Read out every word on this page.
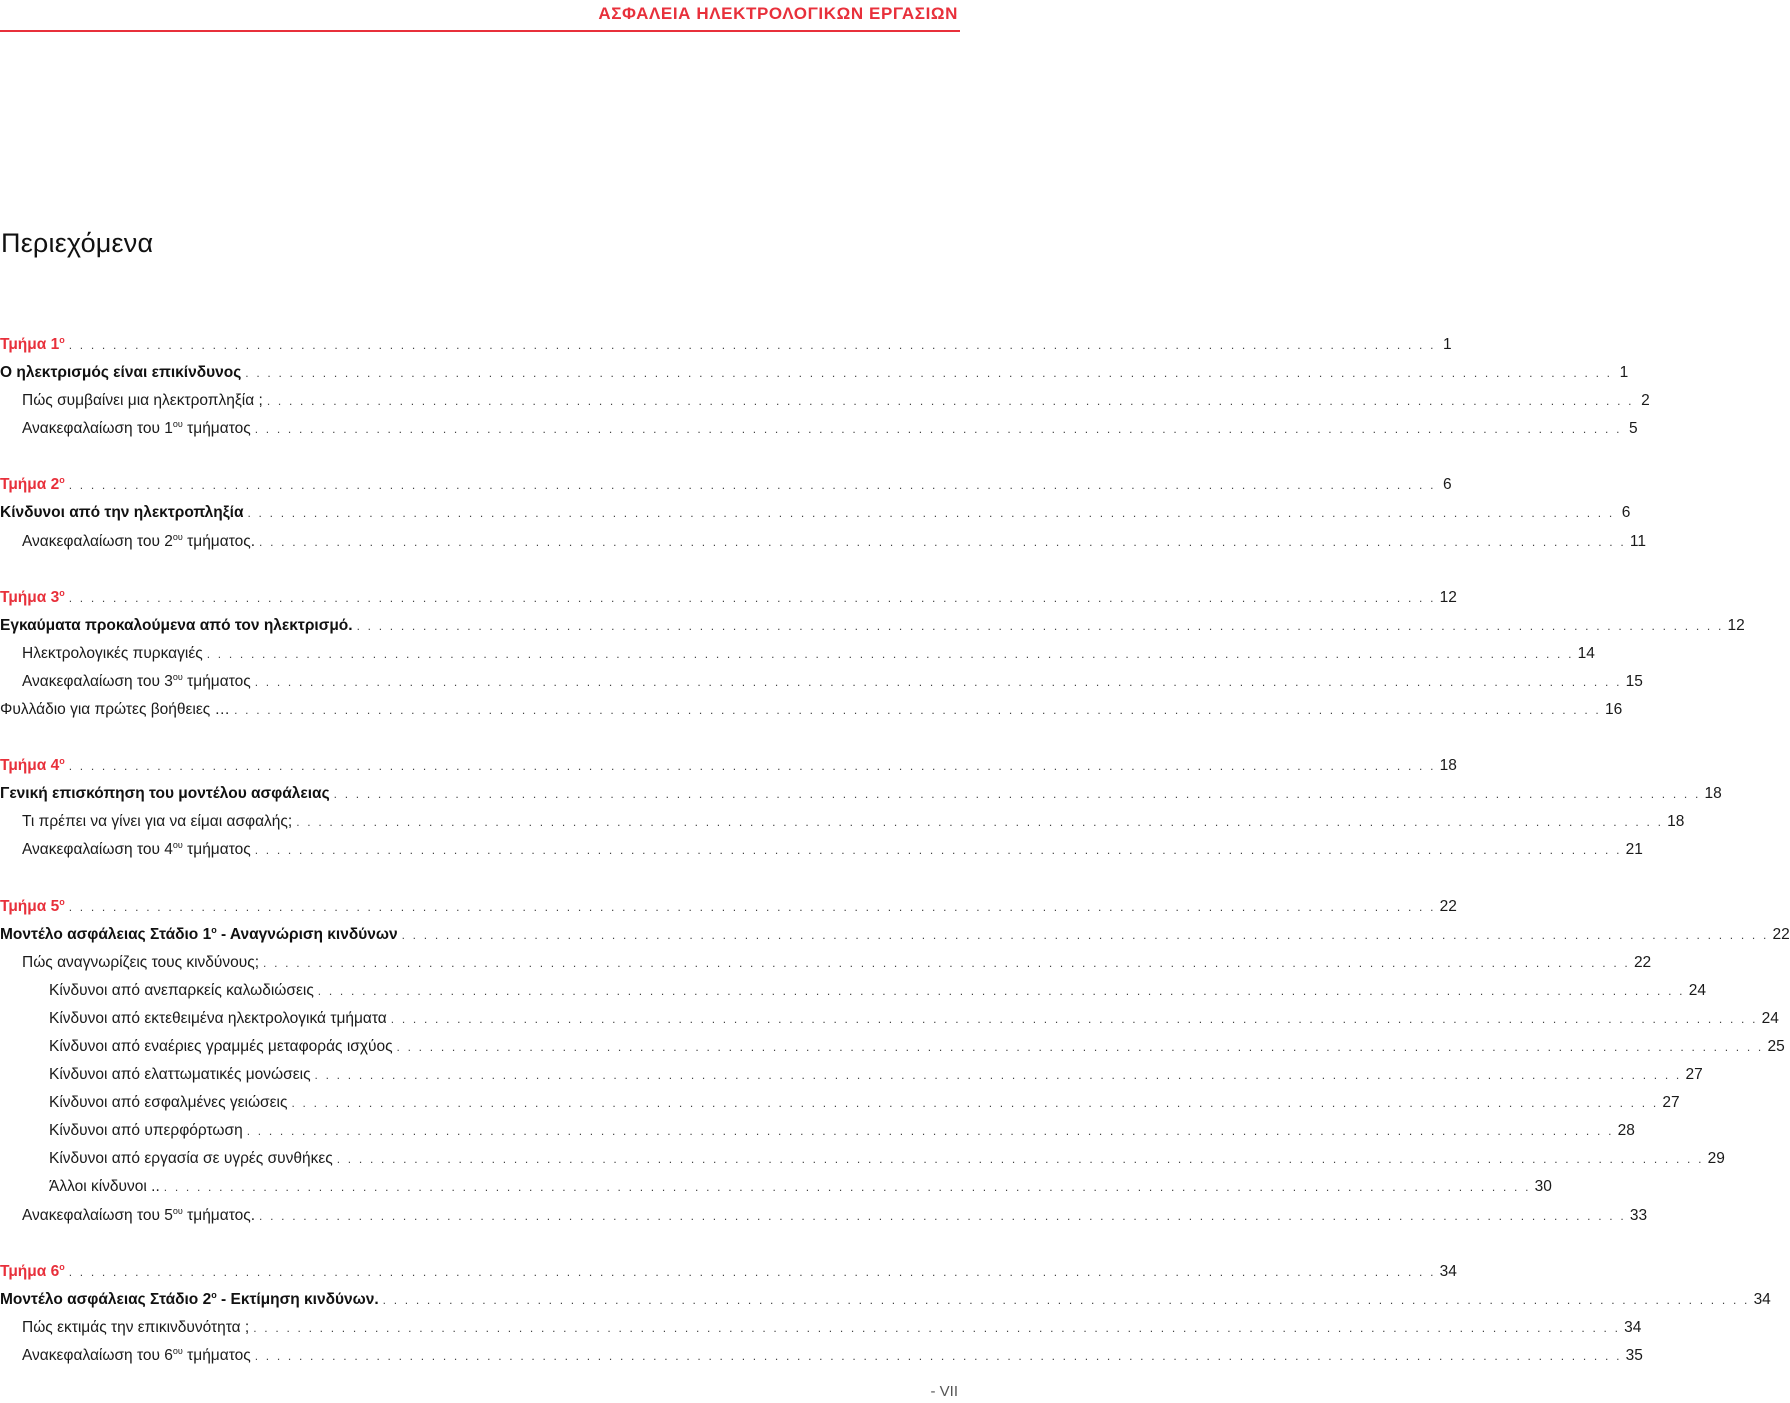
ΑΣΦΑΛΕΙΑ ΗΛΕΚΤΡΟΛΟΓΙΚΩΝ ΕΡΓΑΣΙΩΝ
Περιεχόμενα
Τμήμα $1^o$ . . . . . . . . . . . . . . . . . . . . . . . . . . . . . . . . . . . . . . . . . . . . . . . . . . . . . . . . . . . . . . . . . . . . . . . . . . . . . . . . . . . . . . . . . . . . . . . . . . . . . . . . . . . . . . . . . . . . . . . . . . . . 1
Ο ηλεκτρισμός είναι επικίνδυνος . . . . . . . . . . . . . . . . . . . . . . . . . . . . . . . . . . . . . . . . . . . . . . . . . . . . . . . . . . . . . . . . . . . . . . . . . . . . . . . . . . . . . . . . . . . . . . . . . . . . . . . . . . . . . . . . . . . . . . . . . . . . 1
Πώς συμβαίνει μια ηλεκτροπληξία ; . . . . . . . . . . . . . . . . . . . . . . . . . . . . . . . . . . . . . . . . . . . . . . . . . . . . . . . . . . . . . . . . . . . . . . . . . . . . . . . . . . . . . . . . . . . . . . . . . . . . . . . . . . . . . . . . . . . . . . . . . . . . 2
Ανακεφαλαίωση του $1^{o\upsilon}$ τμήματος . . . . . . . . . . . . . . . . . . . . . . . . . . . . . . . . . . . . . . . . . . . . . . . . . . . . . . . . . . . . . . . . . . . . . . . . . . . . . . . . . . . . . . . . . . . . . . . . . . . . . . . . . . . . . . . . . . . . . . . . . . . . 5
Τμήμα $2^o$ . . . . . . . . . . . . . . . . . . . . . . . . . . . . . . . . . . . . . . . . . . . . . . . . . . . . . . . . . . . . . . . . . . . . . . . . . . . . . . . . . . . . . . . . . . . . . . . . . . . . . . . . . . . . . . . . . . . . . . . . . . . . 6
Κίνδυνοι από την ηλεκτροπληξία . . . . . . . . . . . . . . . . . . . . . . . . . . . . . . . . . . . . . . . . . . . . . . . . . . . . . . . . . . . . . . . . . . . . . . . . . . . . . . . . . . . . . . . . . . . . . . . . . . . . . . . . . . . . . . . . . . . . . . . . . . . . 6
Ανακεφαλαίωση του $2^{o\upsilon}$ τμήματος. . . . . . . . . . . . . . . . . . . . . . . . . . . . . . . . . . . . . . . . . . . . . . . . . . . . . . . . . . . . . . . . . . . . . . . . . . . . . . . . . . . . . . . . . . . . . . . . . . . . . . . . . . . . . . . . . . . . . . . . . . . . . 11
Τμήμα $3^o$ . . . . . . . . . . . . . . . . . . . . . . . . . . . . . . . . . . . . . . . . . . . . . . . . . . . . . . . . . . . . . . . . . . . . . . . . . . . . . . . . . . . . . . . . . . . . . . . . . . . . . . . . . . . . . . . . . . . . . . . . . . . . 12
Εγκαύματα προκαλούμενα από τον ηλεκτρισμό. . . . . . . . . . . . . . . . . . . . . . . . . . . . . . . . . . . . . . . . . . . . . . . . . . . . . . . . . . . . . . . . . . . . . . . . . . . . . . . . . . . . . . . . . . . . . . . . . . . . . . . . . . . . . . . . . . . . . . . . . . . . . 12
Ηλεκτρολογικές πυρκαγιές . . . . . . . . . . . . . . . . . . . . . . . . . . . . . . . . . . . . . . . . . . . . . . . . . . . . . . . . . . . . . . . . . . . . . . . . . . . . . . . . . . . . . . . . . . . . . . . . . . . . . . . . . . . . . . . . . . . . . . . . . . . . 14
Ανακεφαλαίωση του $3^{o\upsilon}$ τμήματος . . . . . . . . . . . . . . . . . . . . . . . . . . . . . . . . . . . . . . . . . . . . . . . . . . . . . . . . . . . . . . . . . . . . . . . . . . . . . . . . . . . . . . . . . . . . . . . . . . . . . . . . . . . . . . . . . . . . . . . . . . . . 15
Φυλλάδιο για πρώτες βοήθειες … . . . . . . . . . . . . . . . . . . . . . . . . . . . . . . . . . . . . . . . . . . . . . . . . . . . . . . . . . . . . . . . . . . . . . . . . . . . . . . . . . . . . . . . . . . . . . . . . . . . . . . . . . . . . . . . . . . . . . . . . . . . . 16
Τμήμα $4^o$ . . . . . . . . . . . . . . . . . . . . . . . . . . . . . . . . . . . . . . . . . . . . . . . . . . . . . . . . . . . . . . . . . . . . . . . . . . . . . . . . . . . . . . . . . . . . . . . . . . . . . . . . . . . . . . . . . . . . . . . . . . . . 18
Γενική επισκόπηση του μοντέλου ασφάλειας . . . . . . . . . . . . . . . . . . . . . . . . . . . . . . . . . . . . . . . . . . . . . . . . . . . . . . . . . . . . . . . . . . . . . . . . . . . . . . . . . . . . . . . . . . . . . . . . . . . . . . . . . . . . . . . . . . . . . . . . . . . . 18
Τι πρέπει να γίνει για να είμαι ασφαλής; . . . . . . . . . . . . . . . . . . . . . . . . . . . . . . . . . . . . . . . . . . . . . . . . . . . . . . . . . . . . . . . . . . . . . . . . . . . . . . . . . . . . . . . . . . . . . . . . . . . . . . . . . . . . . . . . . . . . . . . . . . . . 18
Ανακεφαλαίωση του $4^{o\upsilon}$ τμήματος . . . . . . . . . . . . . . . . . . . . . . . . . . . . . . . . . . . . . . . . . . . . . . . . . . . . . . . . . . . . . . . . . . . . . . . . . . . . . . . . . . . . . . . . . . . . . . . . . . . . . . . . . . . . . . . . . . . . . . . . . . . . 21
Τμήμα $5^o$ . . . . . . . . . . . . . . . . . . . . . . . . . . . . . . . . . . . . . . . . . . . . . . . . . . . . . . . . . . . . . . . . . . . . . . . . . . . . . . . . . . . . . . . . . . . . . . . . . . . . . . . . . . . . . . . . . . . . . . . . . . . . 22
Μοντέλο ασφάλειας Στάδιο $1^o$ - Αναγνώριση κινδύνων . . . . . . . . . . . . . . . . . . . . . . . . . . . . . . . . . . . . . . . . . . . . . . . . . . . . . . . . . . . . . . . . . . . . . . . . . . . . . . . . . . . . . . . . . . . . . . . . . . . . . . . . . . . . . . . . . . . . . . . . . . . . 22
Πώς αναγνωρίζεις τους κινδύνους; . . . . . . . . . . . . . . . . . . . . . . . . . . . . . . . . . . . . . . . . . . . . . . . . . . . . . . . . . . . . . . . . . . . . . . . . . . . . . . . . . . . . . . . . . . . . . . . . . . . . . . . . . . . . . . . . . . . . . . . . . . . . 22
Κίνδυνοι από ανεπαρκείς καλωδιώσεις . . . . . . . . . . . . . . . . . . . . . . . . . . . . . . . . . . . . . . . . . . . . . . . . . . . . . . . . . . . . . . . . . . . . . . . . . . . . . . . . . . . . . . . . . . . . . . . . . . . . . . . . . . . . . . . . . . . . . . . . . . . . 24
Κίνδυνοι από εκτεθειμένα ηλεκτρολογικά τμήματα . . . . . . . . . . . . . . . . . . . . . . . . . . . . . . . . . . . . . . . . . . . . . . . . . . . . . . . . . . . . . . . . . . . . . . . . . . . . . . . . . . . . . . . . . . . . . . . . . . . . . . . . . . . . . . . . . . . . . . . . . . . . 24
Κίνδυνοι από εναέριες γραμμές μεταφοράς ισχύος . . . . . . . . . . . . . . . . . . . . . . . . . . . . . . . . . . . . . . . . . . . . . . . . . . . . . . . . . . . . . . . . . . . . . . . . . . . . . . . . . . . . . . . . . . . . . . . . . . . . . . . . . . . . . . . . . . . . . . . . . . . . 25
Κίνδυνοι από ελαττωματικές μονώσεις . . . . . . . . . . . . . . . . . . . . . . . . . . . . . . . . . . . . . . . . . . . . . . . . . . . . . . . . . . . . . . . . . . . . . . . . . . . . . . . . . . . . . . . . . . . . . . . . . . . . . . . . . . . . . . . . . . . . . . . . . . . . 27
Κίνδυνοι από εσφαλμένες γειώσεις . . . . . . . . . . . . . . . . . . . . . . . . . . . . . . . . . . . . . . . . . . . . . . . . . . . . . . . . . . . . . . . . . . . . . . . . . . . . . . . . . . . . . . . . . . . . . . . . . . . . . . . . . . . . . . . . . . . . . . . . . . . . 27
Κίνδυνοι από υπερφόρτωση . . . . . . . . . . . . . . . . . . . . . . . . . . . . . . . . . . . . . . . . . . . . . . . . . . . . . . . . . . . . . . . . . . . . . . . . . . . . . . . . . . . . . . . . . . . . . . . . . . . . . . . . . . . . . . . . . . . . . . . . . . . . 28
Κίνδυνοι από εργασία σε υγρές συνθήκες . . . . . . . . . . . . . . . . . . . . . . . . . . . . . . . . . . . . . . . . . . . . . . . . . . . . . . . . . . . . . . . . . . . . . . . . . . . . . . . . . . . . . . . . . . . . . . . . . . . . . . . . . . . . . . . . . . . . . . . . . . . . 29
Άλλοι κίνδυνοι .. . . . . . . . . . . . . . . . . . . . . . . . . . . . . . . . . . . . . . . . . . . . . . . . . . . . . . . . . . . . . . . . . . . . . . . . . . . . . . . . . . . . . . . . . . . . . . . . . . . . . . . . . . . . . . . . . . . . . . . . . . . . . 30
Ανακεφαλαίωση του $5^{o\upsilon}$ τμήματος. . . . . . . . . . . . . . . . . . . . . . . . . . . . . . . . . . . . . . . . . . . . . . . . . . . . . . . . . . . . . . . . . . . . . . . . . . . . . . . . . . . . . . . . . . . . . . . . . . . . . . . . . . . . . . . . . . . . . . . . . . . . . 33
Τμήμα $6^o$ . . . . . . . . . . . . . . . . . . . . . . . . . . . . . . . . . . . . . . . . . . . . . . . . . . . . . . . . . . . . . . . . . . . . . . . . . . . . . . . . . . . . . . . . . . . . . . . . . . . . . . . . . . . . . . . . . . . . . . . . . . . . 34
Μοντέλο ασφάλειας Στάδιο $2^o$ - Εκτίμηση κινδύνων. . . . . . . . . . . . . . . . . . . . . . . . . . . . . . . . . . . . . . . . . . . . . . . . . . . . . . . . . . . . . . . . . . . . . . . . . . . . . . . . . . . . . . . . . . . . . . . . . . . . . . . . . . . . . . . . . . . . . . . . . . . . . 34
Πώς εκτιμάς την επικινδυνότητα ; . . . . . . . . . . . . . . . . . . . . . . . . . . . . . . . . . . . . . . . . . . . . . . . . . . . . . . . . . . . . . . . . . . . . . . . . . . . . . . . . . . . . . . . . . . . . . . . . . . . . . . . . . . . . . . . . . . . . . . . . . . . . 34
Ανακεφαλαίωση του $6^{o\upsilon}$ τμήματος . . . . . . . . . . . . . . . . . . . . . . . . . . . . . . . . . . . . . . . . . . . . . . . . . . . . . . . . . . . . . . . . . . . . . . . . . . . . . . . . . . . . . . . . . . . . . . . . . . . . . . . . . . . . . . . . . . . . . . . . . . . . 35
- VII
